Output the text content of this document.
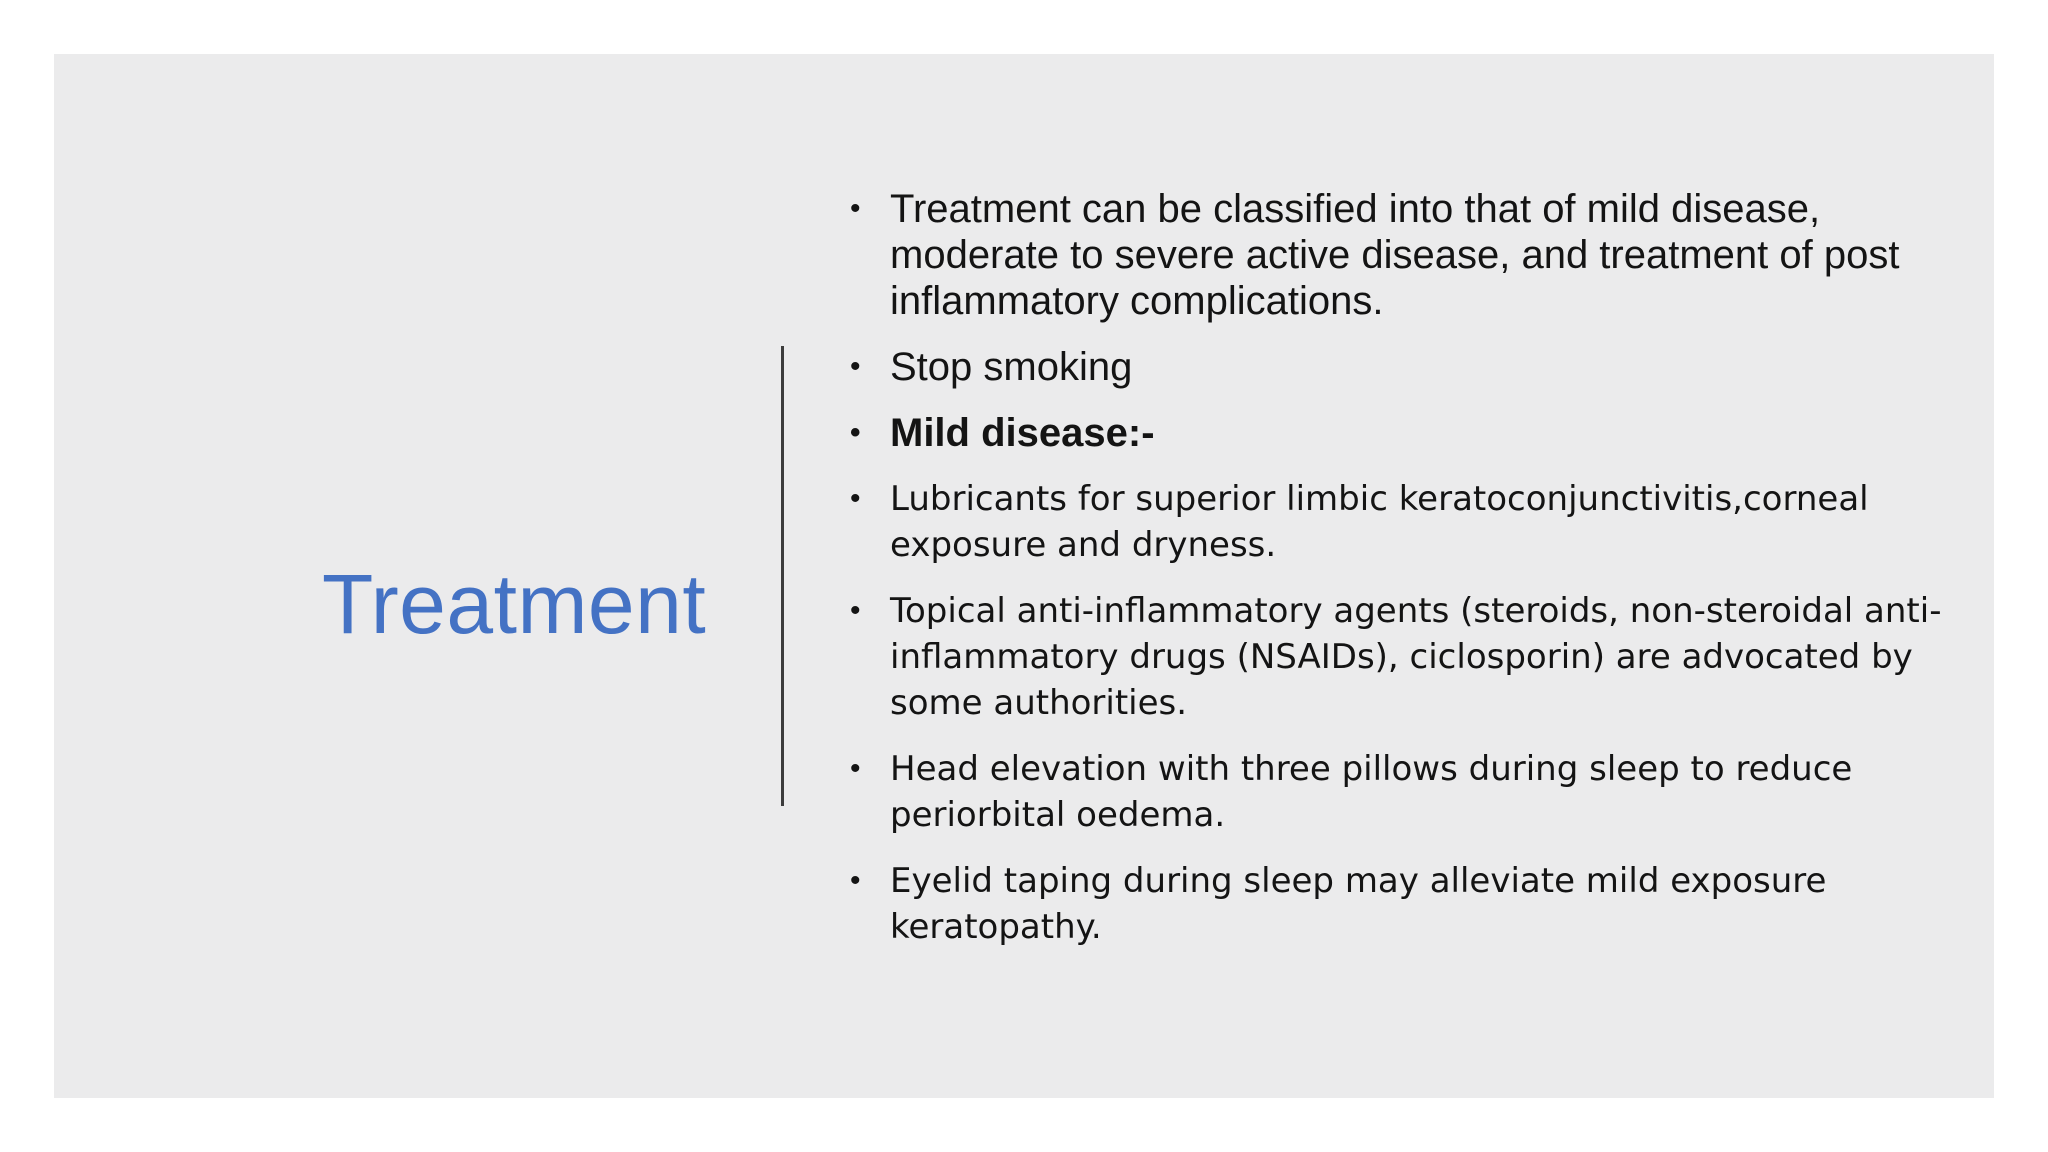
Treatment
• Treatment can be classified into that of mild disease, moderate to severe active disease, and treatment of post inflammatory complications.
• Stop smoking
• Mild disease:-
• Lubricants for superior limbic keratoconjunctivitis,corneal exposure and dryness.
• Topical anti-inflammatory agents (steroids, non-steroidal anti-inflammatory drugs (NSAIDs), ciclosporin) are advocated by some authorities.
• Head elevation with three pillows during sleep to reduce periorbital oedema.
• Eyelid taping during sleep may alleviate mild exposure keratopathy.
